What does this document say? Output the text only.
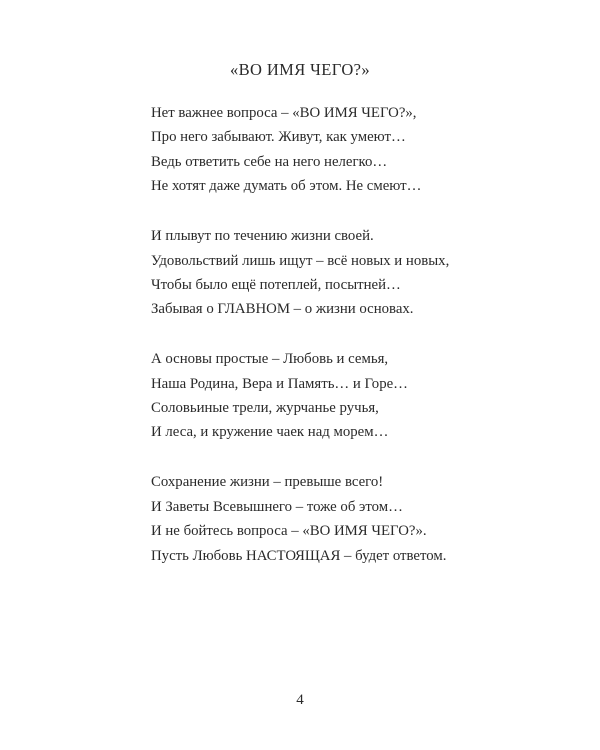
«ВО ИМЯ ЧЕГО?»
Нет важнее вопроса – «ВО ИМЯ ЧЕГО?»,
Про него забывают. Живут, как умеют…
Ведь ответить себе на него нелегко…
Не хотят даже думать об этом. Не смеют…
И плывут по течению жизни своей.
Удовольствий лишь ищут – всё новых и новых,
Чтобы было ещё потеплей, посытней…
Забывая о ГЛАВНОМ – о жизни основах.
А основы простые – Любовь и семья,
Наша Родина, Вера и Память… и Горе…
Соловьиные трели, журчанье ручья,
И леса, и кружение чаек над морем…
Сохранение жизни – превыше всего!
И Заветы Всевышнего – тоже об этом…
И не бойтесь вопроса – «ВО ИМЯ ЧЕГО?».
Пусть Любовь НАСТОЯЩАЯ – будет ответом.
4
